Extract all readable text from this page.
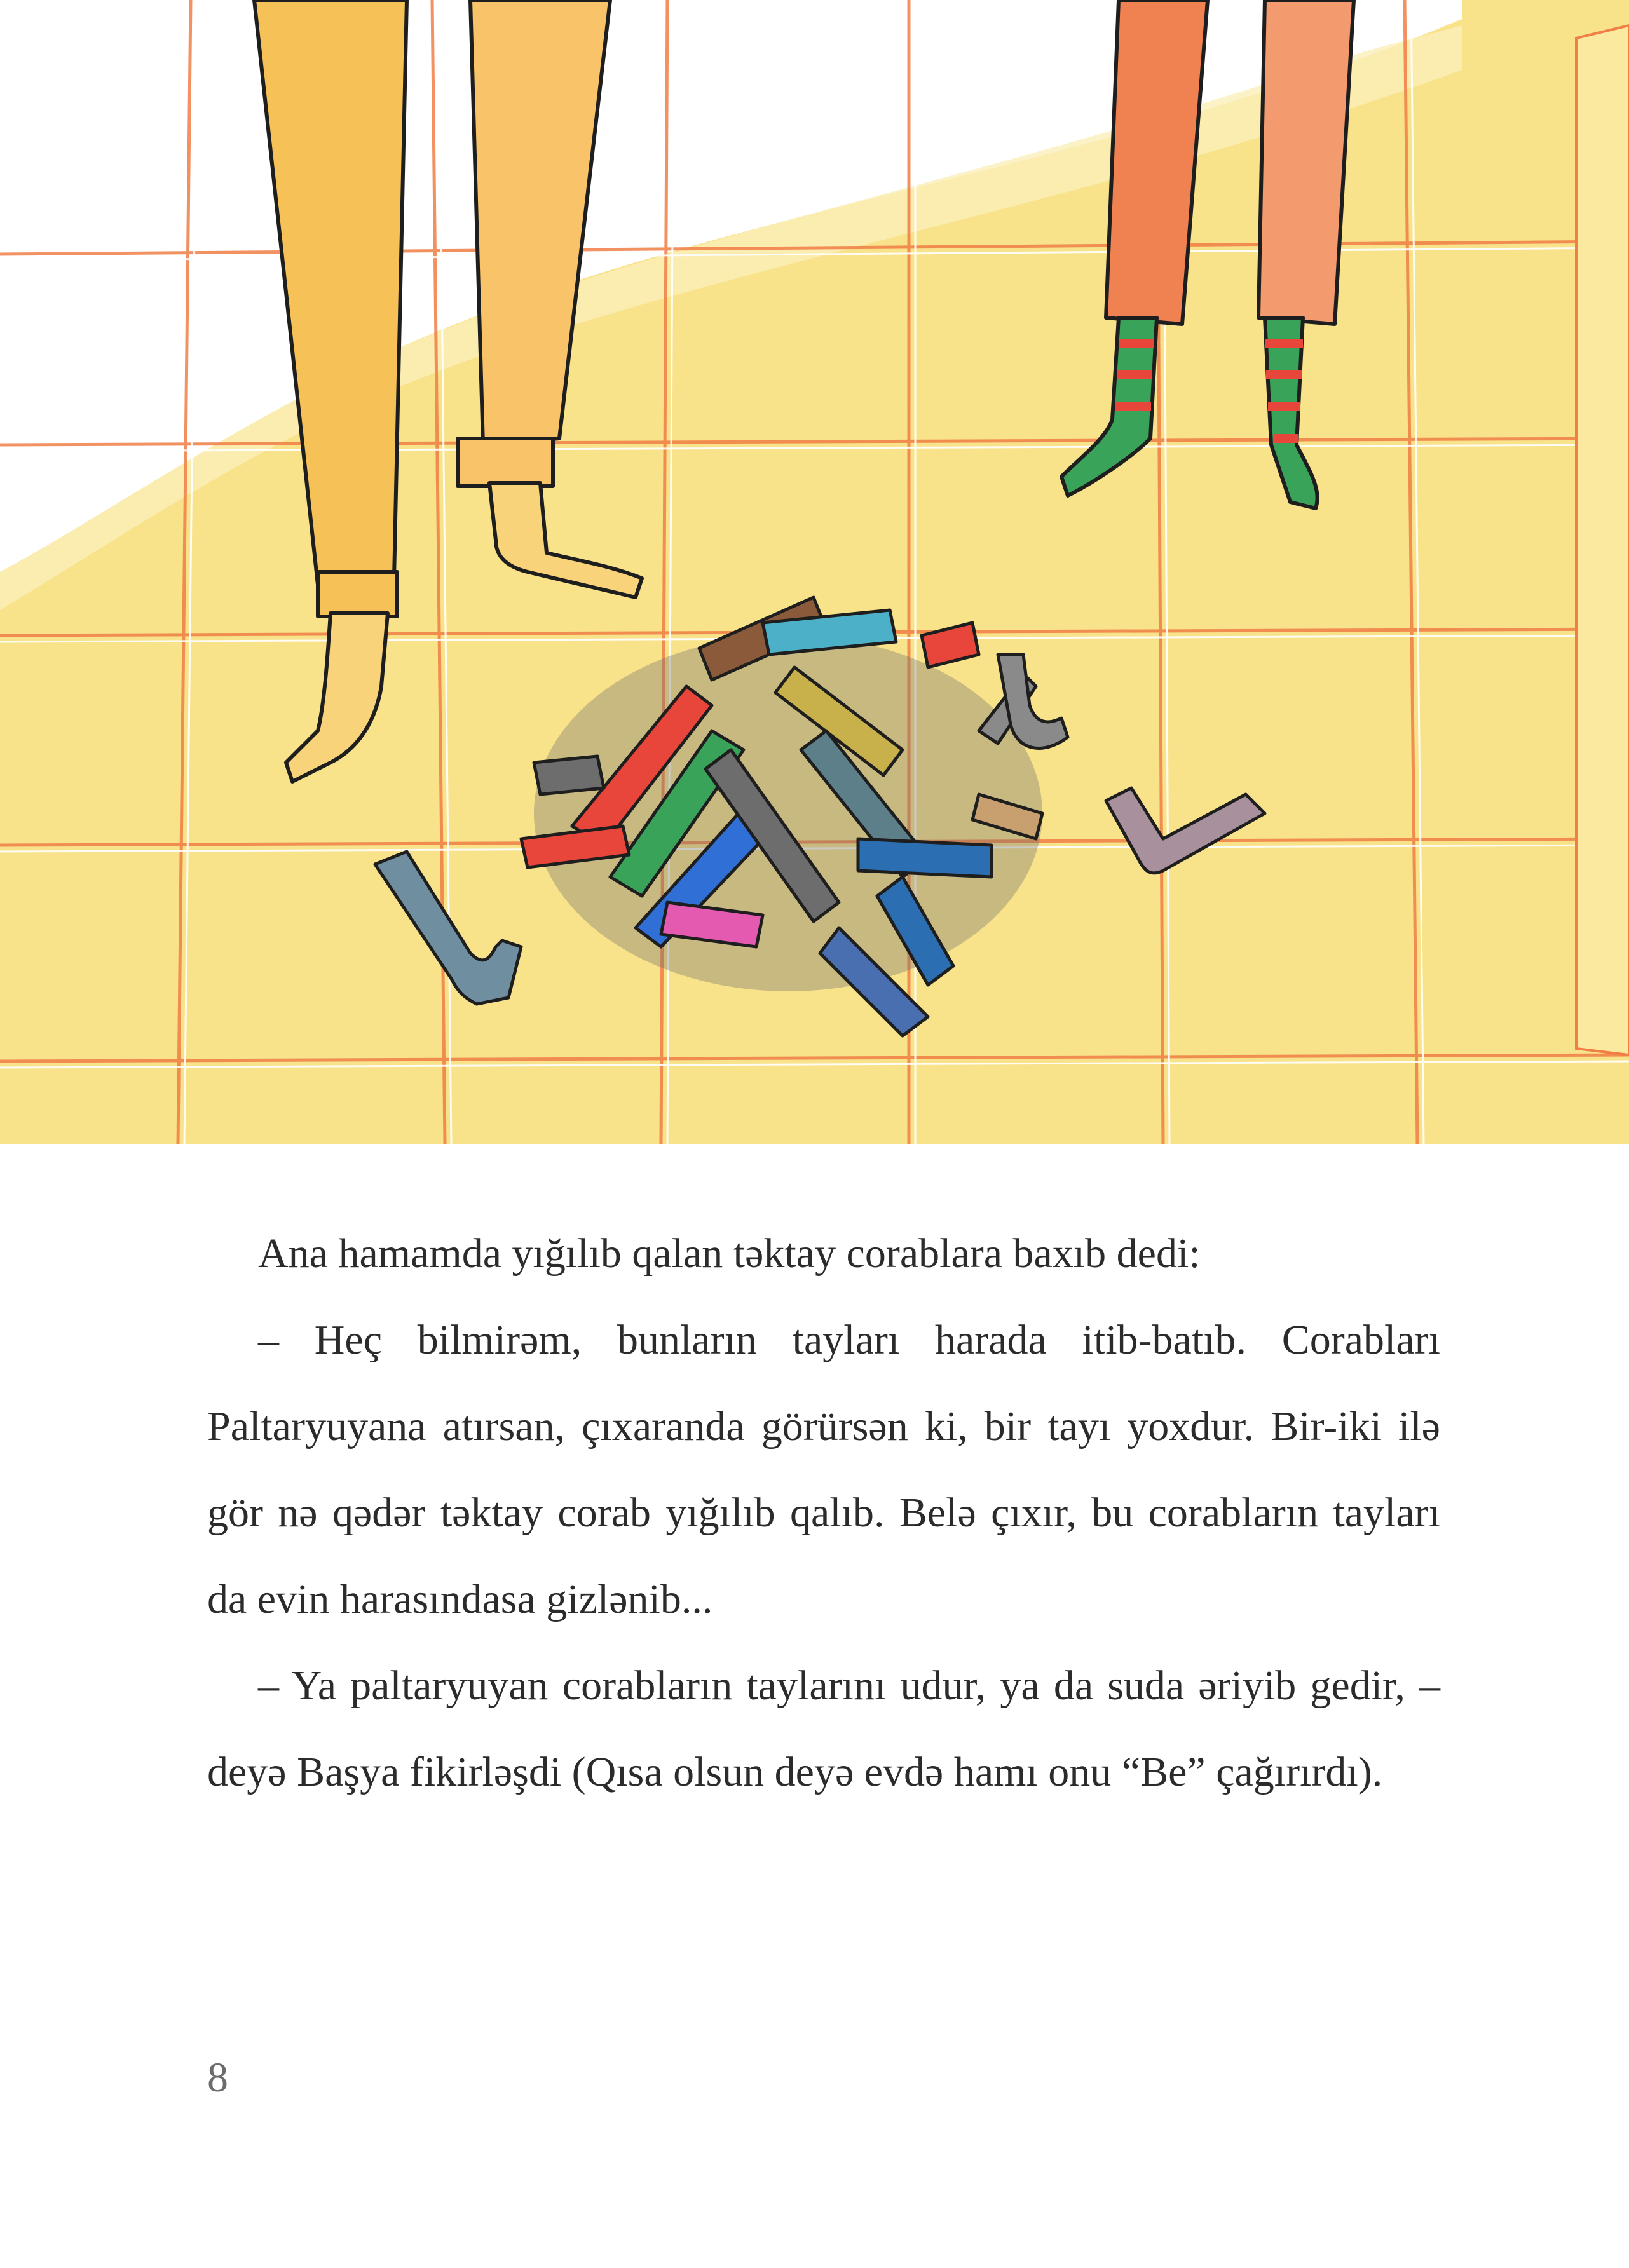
Ana hamamda yığılıb qalan təktay corablara baxıb dedi:

– Heç bilmirəm, bunların tayları harada itib-batıb. Corabları Paltaryuyana atırsan, çıxaranda görürsən ki, bir tayı yoxdur. Bir-iki ilə gör nə qədər təktay corab yığılıb qalıb. Belə çıxır, bu corabların tayları da evin harasındasa gizlənib...

– Ya paltaryuyan corabların taylarını udur, ya da suda əriyib gedir, – deyə Başya fikirləşdi (Qısa olsun deyə evdə hamı onu “Be” çağırırdı).

8
